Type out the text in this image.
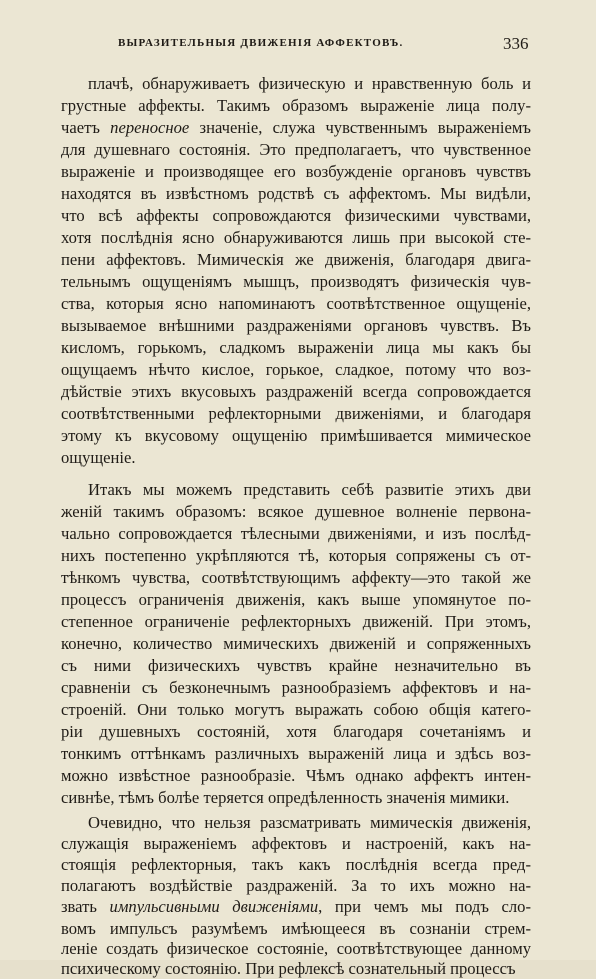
ВЫРАЗИТЕЛЬНЫЯ ДВИЖЕНІЯ АФФЕКТОВЪ.	336
плачѣ, обнаруживаетъ физическую и нравственную боль и
грустные аффекты. Такимъ образомъ выраженіе лица полу-
чаетъ переносное значеніе, служа чувственнымъ выраженіемъ
для душевнаго состоянія. Это предполагаетъ, что чувственное
выраженіе и производящее его возбужденіе органовъ чувствъ
находятся въ извѣстномъ родствѣ съ аффектомъ. Мы видѣли,
что всѣ аффекты сопровождаются физическими чувствами,
хотя послѣднія ясно обнаруживаются лишь при высокой сте-
пени аффектовъ. Мимическія же движенія, благодаря двига-
тельнымъ ощущеніямъ мышцъ, производятъ физическія чув-
ства, которыя ясно напоминаютъ соотвѣтственное ощущеніе,
вызываемое внѣшними раздраженіями органовъ чувствъ. Въ
кисломъ, горькомъ, сладкомъ выраженіи лица мы какъ бы
ощущаемъ нѣчто кислое, горькое, сладкое, потому что воз-
дѣйствіе этихъ вкусовыхъ раздраженій всегда сопровождается
соотвѣтственными рефлекторными движеніями, и благодаря
этому къ вкусовому ощущенію примѣшивается мимическое
ощущеніе.
Итакъ мы можемъ представить себѣ развитіе этихъ дви
женій такимъ образомъ: всякое душевное волненіе первона-
чально сопровождается тѣлесными движеніями, и изъ послѣд-
нихъ постепенно укрѣпляются тѣ, которыя сопряжены съ от-
тѣнкомъ чувства, соотвѣтствующимъ аффекту—это такой же
процессъ ограниченія движенія, какъ выше упомянутое по-
степенное ограниченіе рефлекторныхъ движеній. При этомъ,
конечно, количество мимическихъ движеній и сопряженныхъ
съ ними физическихъ чувствъ крайне незначительно въ
сравненіи съ безконечнымъ разнообразіемъ аффектовъ и на-
строеній. Они только могутъ выражать собою общія катего-
ріи душевныхъ состояній, хотя благодаря сочетаніямъ и
тонкимъ оттѣнкамъ различныхъ выраженій лица и здѣсь воз-
можно извѣстное разнообразіе. Чѣмъ однако аффектъ интен-
сивнѣе, тѣмъ болѣе теряется опредѣленность значенія мимики.
Очевидно, что нельзя разсматривать мимическія движенія,
служащія выраженіемъ аффектовъ и настроеній, какъ на-
стоящія рефлекторныя, такъ какъ послѣднія всегда пред-
полагаютъ воздѣйствіе раздраженій. За то ихъ можно на-
звать импульсивными движеніями, при чемъ мы подъ сло-
вомъ импульсъ разумѣемъ имѣющееся въ сознаніи стрем-
леніе создать физическое состояніе, соотвѣтствующее данному
психическому состоянію. При рефлексѣ сознательный процессъ
